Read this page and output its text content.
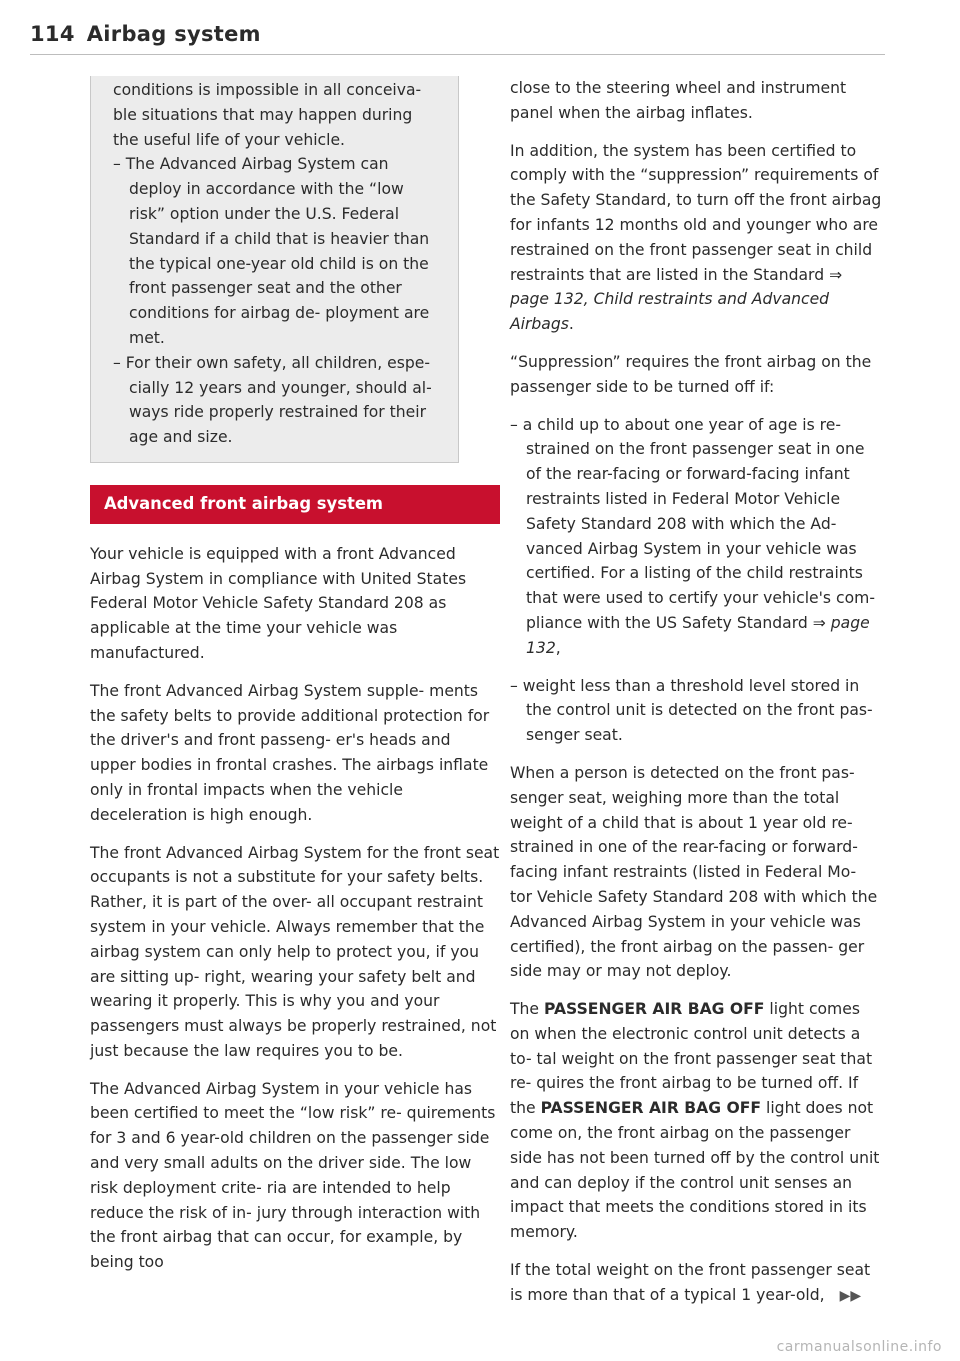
114 Airbag system

conditions is impossible in all conceiva- ble situations that may happen during the useful life of your vehicle.

– The Advanced Airbag System can deploy in accordance with the “low risk” option under the U.S. Federal Standard if a child that is heavier than the typical one-year old child is on the front passenger seat and the other conditions for airbag de- ployment are met.

– For their own safety, all children, espe- cially 12 years and younger, should al- ways ride properly restrained for their age and size.

Advanced front airbag system

Your vehicle is equipped with a front Advanced Airbag System in compliance with United States Federal Motor Vehicle Safety Standard 208 as applicable at the time your vehicle was manufactured.

The front Advanced Airbag System supple- ments the safety belts to provide additional protection for the driver's and front passeng- er's heads and upper bodies in frontal crashes. The airbags inflate only in frontal impacts when the vehicle deceleration is high enough.

The front Advanced Airbag System for the front seat occupants is not a substitute for your safety belts. Rather, it is part of the over- all occupant restraint system in your vehicle. Always remember that the airbag system can only help to protect you, if you are sitting up- right, wearing your safety belt and wearing it properly. This is why you and your passengers must always be properly restrained, not just because the law requires you to be.

The Advanced Airbag System in your vehicle has been certified to meet the “low risk” re- quirements for 3 and 6 year-old children on the passenger side and very small adults on the driver side. The low risk deployment crite- ria are intended to help reduce the risk of in- jury through interaction with the front airbag that can occur, for example, by being too

close to the steering wheel and instrument panel when the airbag inflates.

In addition, the system has been certified to comply with the “suppression” requirements of the Safety Standard, to turn off the front airbag for infants 12 months old and younger who are restrained on the front passenger seat in child restraints that are listed in the Standard ⇒ page 132, Child restraints and Advanced Airbags.

“Suppression” requires the front airbag on the passenger side to be turned off if:

– a child up to about one year of age is re- strained on the front passenger seat in one of the rear-facing or forward-facing infant restraints listed in Federal Motor Vehicle Safety Standard 208 with which the Ad- vanced Airbag System in your vehicle was certified. For a listing of the child restraints that were used to certify your vehicle's com- pliance with the US Safety Standard ⇒ page 132,

– weight less than a threshold level stored in the control unit is detected on the front pas- senger seat.

When a person is detected on the front pas- senger seat, weighing more than the total weight of a child that is about 1 year old re- strained in one of the rear-facing or forward- facing infant restraints (listed in Federal Mo- tor Vehicle Safety Standard 208 with which the Advanced Airbag System in your vehicle was certified), the front airbag on the passen- ger side may or may not deploy.

The PASSENGER AIR BAG OFF light comes on when the electronic control unit detects a to- tal weight on the front passenger seat that re- quires the front airbag to be turned off. If the PASSENGER AIR BAG OFF light does not come on, the front airbag on the passenger side has not been turned off by the control unit and can deploy if the control unit senses an impact that meets the conditions stored in its memory.

If the total weight on the front passenger seat is more than that of a typical 1 year-old, ▶▶

carmanualsonline.info
